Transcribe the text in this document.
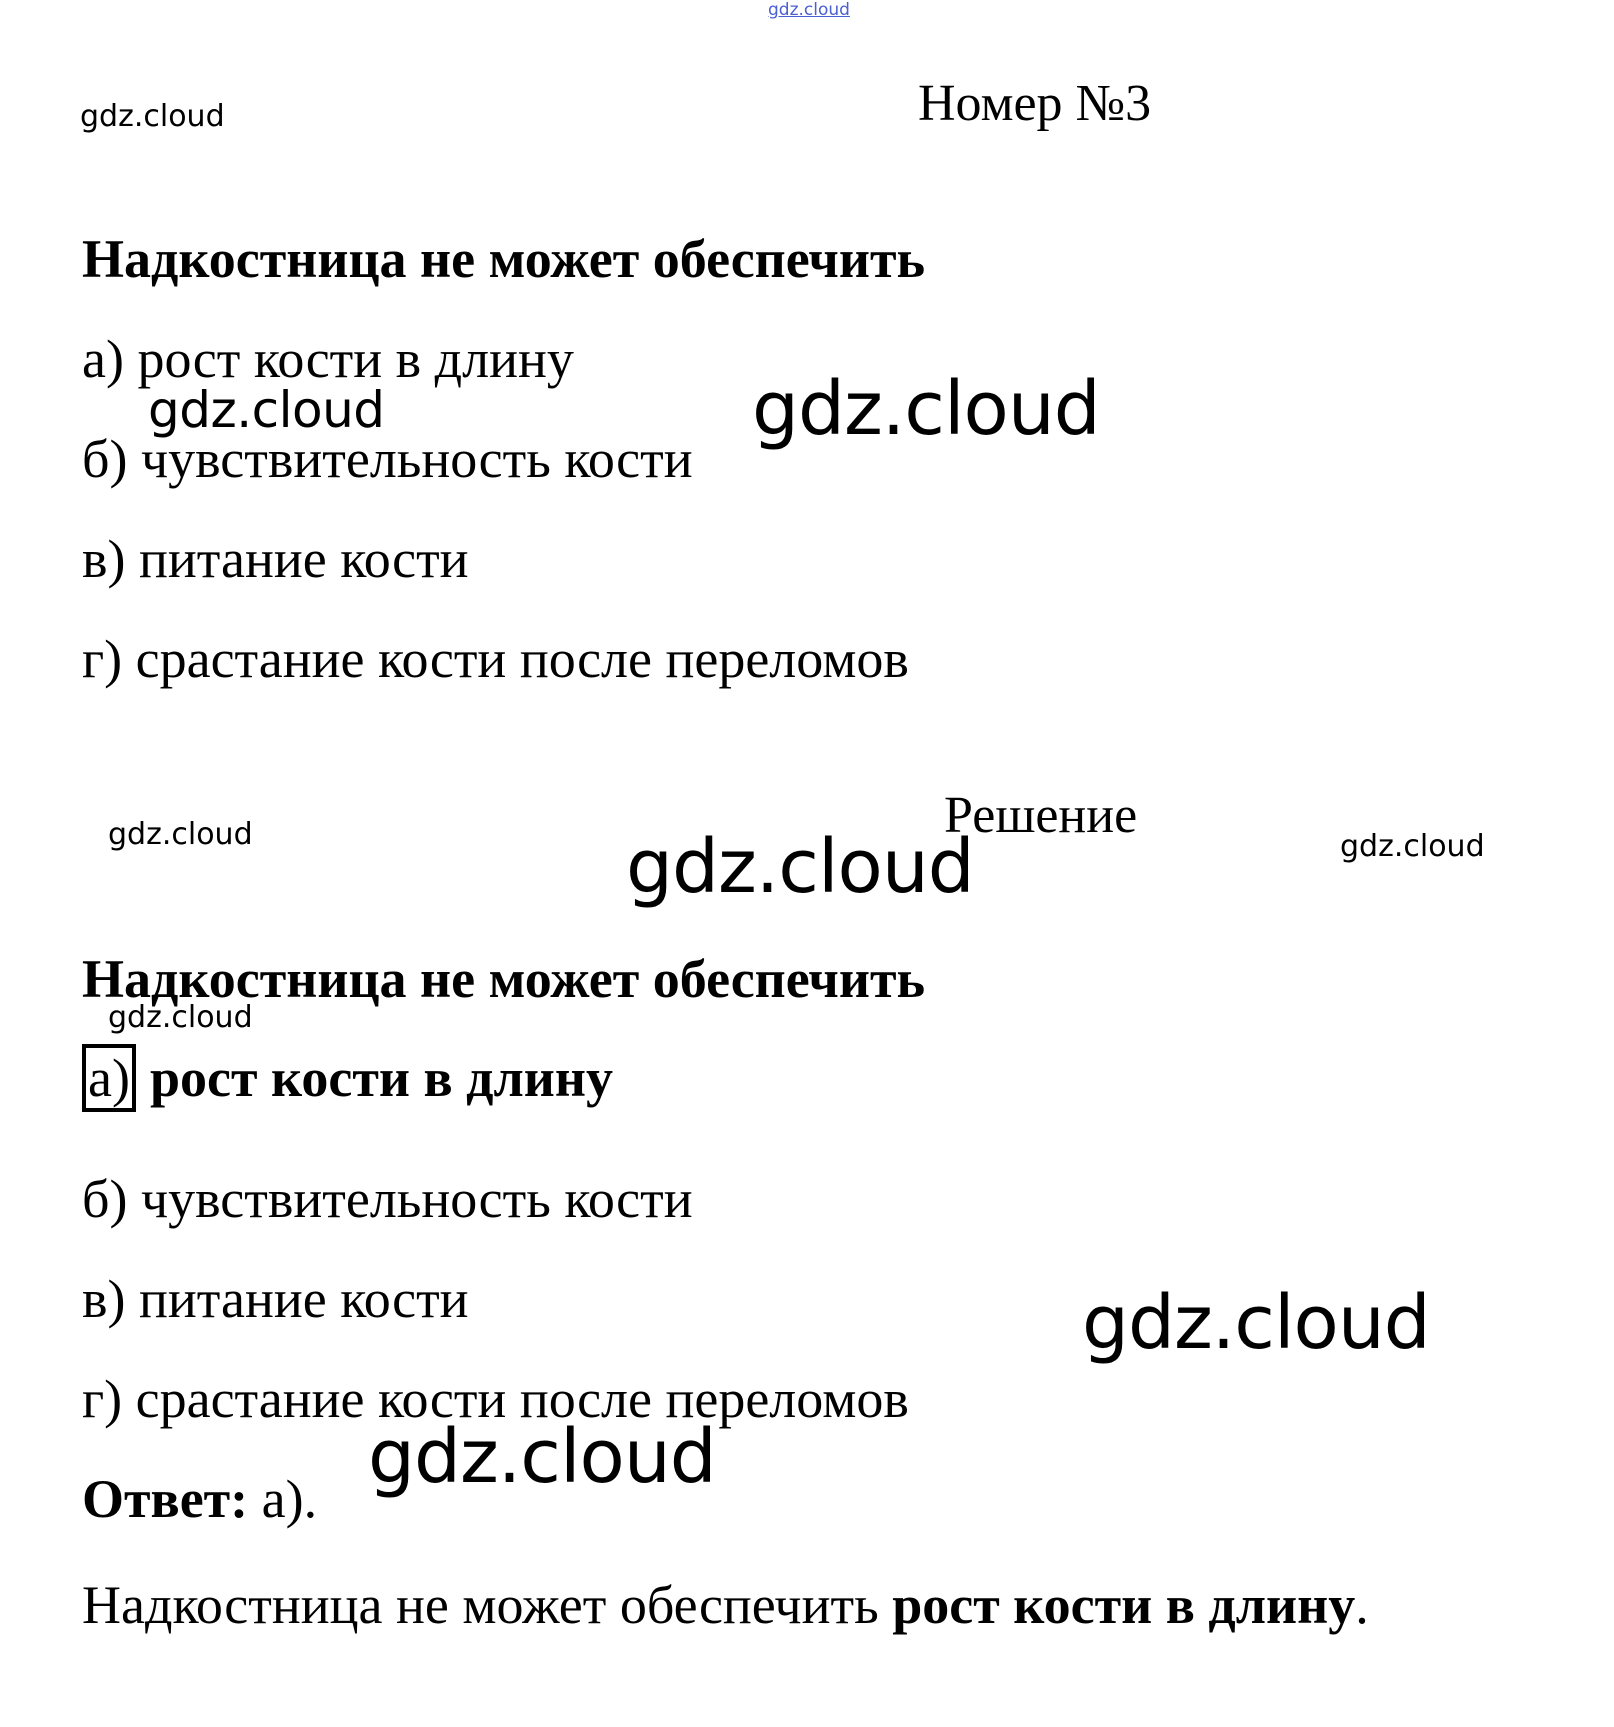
gdz.cloud
gdz.cloud	Номер №3
Надкостница не может обеспечить
а) рост кости в длину
б) чувствительность кости
в) питание кости
г) срастание кости после переломов
gdz.cloud	gdz.cloud
Решение
gdz.cloud	gdz.cloud
gdz.cloud
Надкостница не может обеспечить
gdz.cloud
а) рост кости в длину
б) чувствительность кости
в) питание кости
г) срастание кости после переломов
gdz.cloud
gdz.cloud
Ответ: а).
Надкостница не может обеспечить рост кости в длину.
